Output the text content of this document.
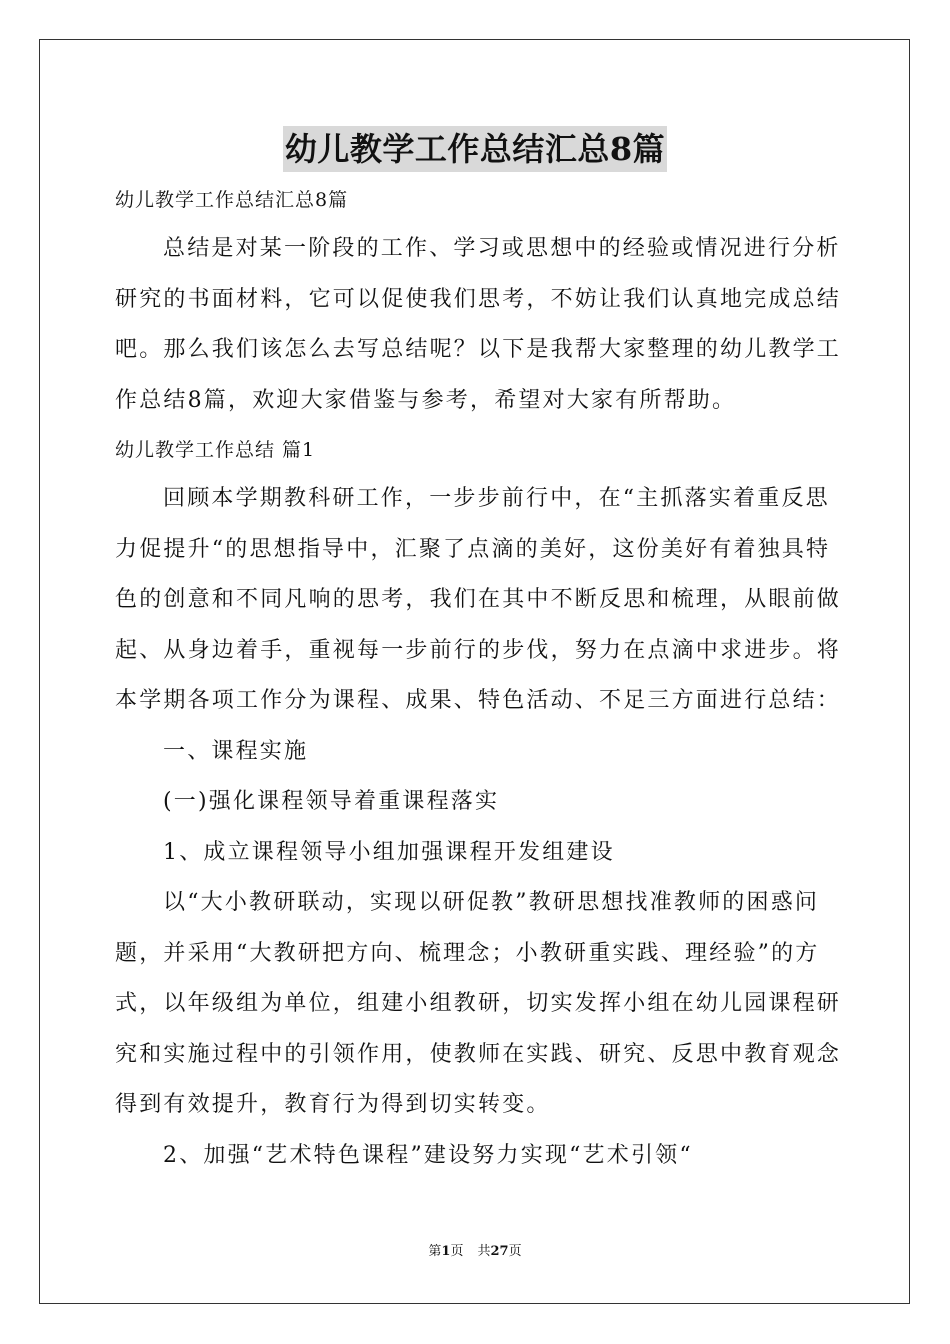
幼儿教学工作总结汇总8篇
幼儿教学工作总结汇总8篇
总结是对某一阶段的工作、学习或思想中的经验或情况进行分析
研究的书面材料，它可以促使我们思考，不妨让我们认真地完成总结
吧。那么我们该怎么去写总结呢？以下是我帮大家整理的幼儿教学工
作总结8篇，欢迎大家借鉴与参考，希望对大家有所帮助。
幼儿教学工作总结 篇1
回顾本学期教科研工作，一步步前行中，在“主抓落实着重反思
力促提升“的思想指导中，汇聚了点滴的美好，这份美好有着独具特
色的创意和不同凡响的思考，我们在其中不断反思和梳理，从眼前做
起、从身边着手，重视每一步前行的步伐，努力在点滴中求进步。将
本学期各项工作分为课程、成果、特色活动、不足三方面进行总结：
一、课程实施
(一)强化课程领导着重课程落实
1、成立课程领导小组加强课程开发组建设
以“大小教研联动，实现以研促教”教研思想找准教师的困惑问
题，并采用“大教研把方向、梳理念；小教研重实践、理经验”的方
式，以年级组为单位，组建小组教研，切实发挥小组在幼儿园课程研
究和实施过程中的引领作用，使教师在实践、研究、反思中教育观念
得到有效提升，教育行为得到切实转变。
2、加强“艺术特色课程”建设努力实现“艺术引领“
第1页 共27页
